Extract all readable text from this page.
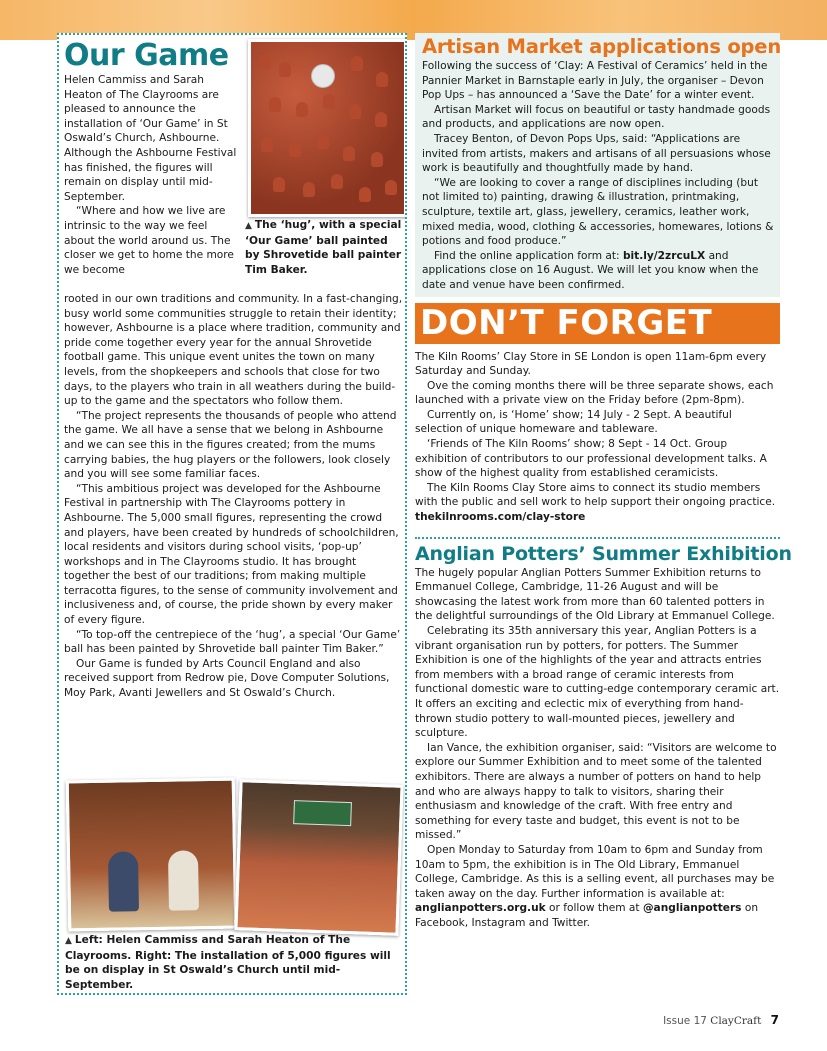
Our Game

Helen Cammiss and Sarah Heaton of The Clayrooms are pleased to announce the installation of ‘Our Game’ in St Oswald’s Church, Ashbourne. Although the Ashbourne Festival has finished, the figures will remain on display until mid-September.

“Where and how we live are intrinsic to the way we feel about the world around us. The closer we get to home the more we become

▲ The ‘hug’, with a special ‘Our Game’ ball painted by Shrovetide ball painter Tim Baker.

rooted in our own traditions and community. In a fast-changing, busy world some communities struggle to retain their identity; however, Ashbourne is a place where tradition, community and pride come together every year for the annual Shrovetide football game. This unique event unites the town on many levels, from the shopkeepers and schools that close for two days, to the players who train in all weathers during the build-up to the game and the spectators who follow them.

“The project represents the thousands of people who attend the game. We all have a sense that we belong in Ashbourne and we can see this in the figures created; from the mums carrying babies, the hug players or the followers, look closely and you will see some familiar faces.

“This ambitious project was developed for the Ashbourne Festival in partnership with The Clayrooms pottery in Ashbourne. The 5,000 small figures, representing the crowd and players, have been created by hundreds of schoolchildren, local residents and visitors during school visits, ‘pop-up’ workshops and in The Clayrooms studio. It has brought together the best of our traditions; from making multiple terracotta figures, to the sense of community involvement and inclusiveness and, of course, the pride shown by every maker of every figure.

“To top-off the centrepiece of the ‘hug’, a special ‘Our Game’ ball has been painted by Shrovetide ball painter Tim Baker.”

Our Game is funded by Arts Council England and also received support from Redrow pie, Dove Computer Solutions, Moy Park, Avanti Jewellers and St Oswald’s Church.

▲ Left: Helen Cammiss and Sarah Heaton of The Clayrooms. Right: The installation of 5,000 figures will be on display in St Oswald’s Church until mid-September.
Artisan Market applications open

Following the success of ‘Clay: A Festival of Ceramics’ held in the Pannier Market in Barnstaple early in July, the organiser – Devon Pop Ups – has announced a ‘Save the Date’ for a winter event.

Artisan Market will focus on beautiful or tasty handmade goods and products, and applications are now open.

Tracey Benton, of Devon Pops Ups, said: “Applications are invited from artists, makers and artisans of all persuasions whose work is beautifully and thoughtfully made by hand.

“We are looking to cover a range of disciplines including (but not limited to) painting, drawing & illustration, printmaking, sculpture, textile art, glass, jewellery, ceramics, leather work, mixed media, wood, clothing & accessories, homewares, lotions & potions and food produce.”

Find the online application form at: bit.ly/2zrcuLX and applications close on 16 August. We will let you know when the date and venue have been confirmed.

DON’T FORGET

The Kiln Rooms’ Clay Store in SE London is open 11am-6pm every Saturday and Sunday.

Ove the coming months there will be three separate shows, each launched with a private view on the Friday before (2pm-8pm).

Currently on, is ‘Home’ show; 14 July - 2 Sept. A beautiful selection of unique homeware and tableware.

‘Friends of The Kiln Rooms’ show; 8 Sept - 14 Oct. Group exhibition of contributors to our professional development talks. A show of the highest quality from established ceramicists.

The Kiln Rooms Clay Store aims to connect its studio members with the public and sell work to help support their ongoing practice. thekilnrooms.com/clay-store

Anglian Potters’ Summer Exhibition

The hugely popular Anglian Potters Summer Exhibition returns to Emmanuel College, Cambridge, 11-26 August and will be showcasing the latest work from more than 60 talented potters in the delightful surroundings of the Old Library at Emmanuel College.

Celebrating its 35th anniversary this year, Anglian Potters is a vibrant organisation run by potters, for potters. The Summer Exhibition is one of the highlights of the year and attracts entries from members with a broad range of ceramic interests from functional domestic ware to cutting-edge contemporary ceramic art. It offers an exciting and eclectic mix of everything from hand-thrown studio pottery to wall-mounted pieces, jewellery and sculpture.

Ian Vance, the exhibition organiser, said: “Visitors are welcome to explore our Summer Exhibition and to meet some of the talented exhibitors. There are always a number of potters on hand to help and who are always happy to talk to visitors, sharing their enthusiasm and knowledge of the craft. With free entry and something for every taste and budget, this event is not to be missed.”

Open Monday to Saturday from 10am to 6pm and Sunday from 10am to 5pm, the exhibition is in The Old Library, Emmanuel College, Cambridge. As this is a selling event, all purchases may be taken away on the day. Further information is available at: anglianpotters.org.uk or follow them at @anglianpotters on Facebook, Instagram and Twitter.

Issue 17 ClayCraft 7
